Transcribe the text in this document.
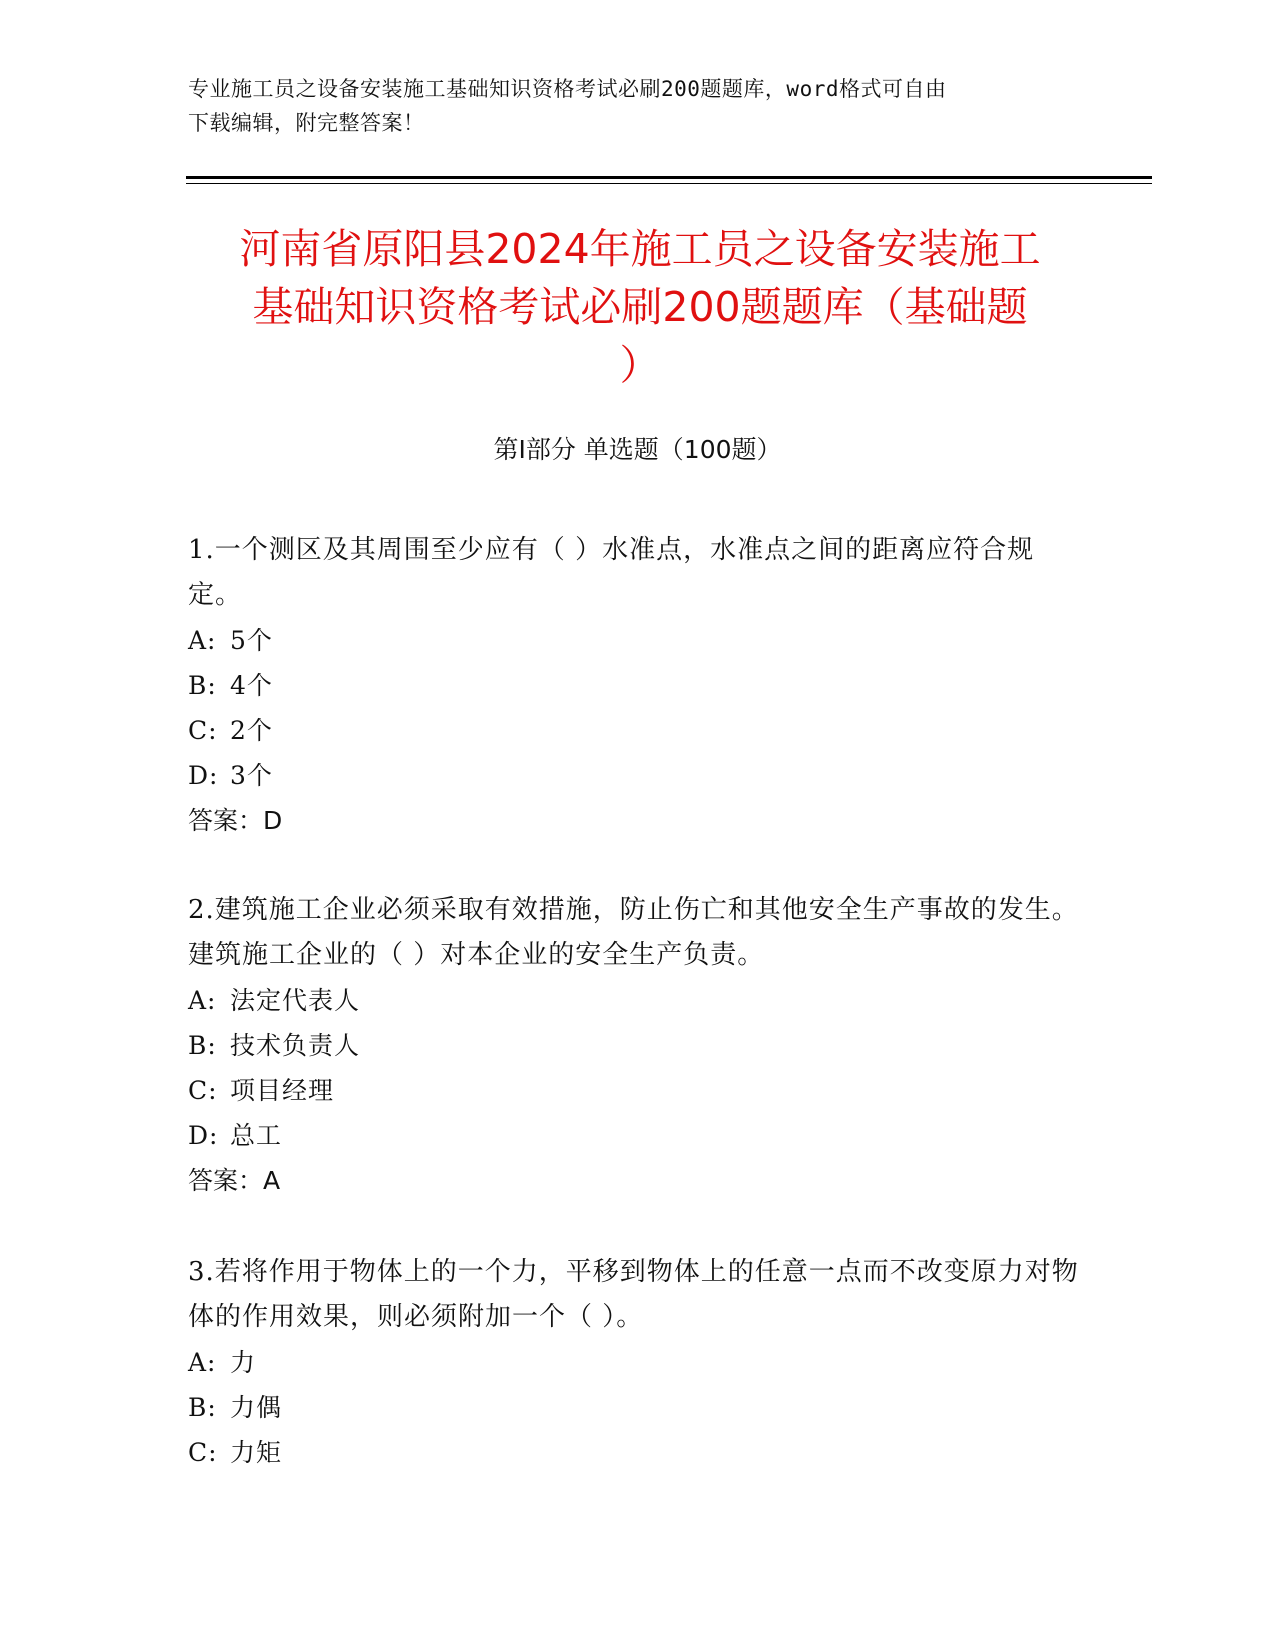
专业施工员之设备安装施工基础知识资格考试必刷200题题库，word格式可自由
下载编辑，附完整答案！
河南省原阳县2024年施工员之设备安装施工
基础知识资格考试必刷200题题库（基础题
）
第Ⅰ部分 单选题（100题）

1.一个测区及其周围至少应有（ ）水准点，水准点之间的距离应符合规定。

A: 5个
B: 4个
C: 2个
D: 3个
答案：D

2.建筑施工企业必须采取有效措施，防止伤亡和其他安全生产事故的发生。建筑施工企业的（ ）对本企业的安全生产负责。

A: 法定代表人
B: 技术负责人
C: 项目经理
D: 总工
答案：A

3.若将作用于物体上的一个力，平移到物体上的任意一点而不改变原力对物体的作用效果，则必须附加一个（ ）。

A: 力
B: 力偶
C: 力矩
